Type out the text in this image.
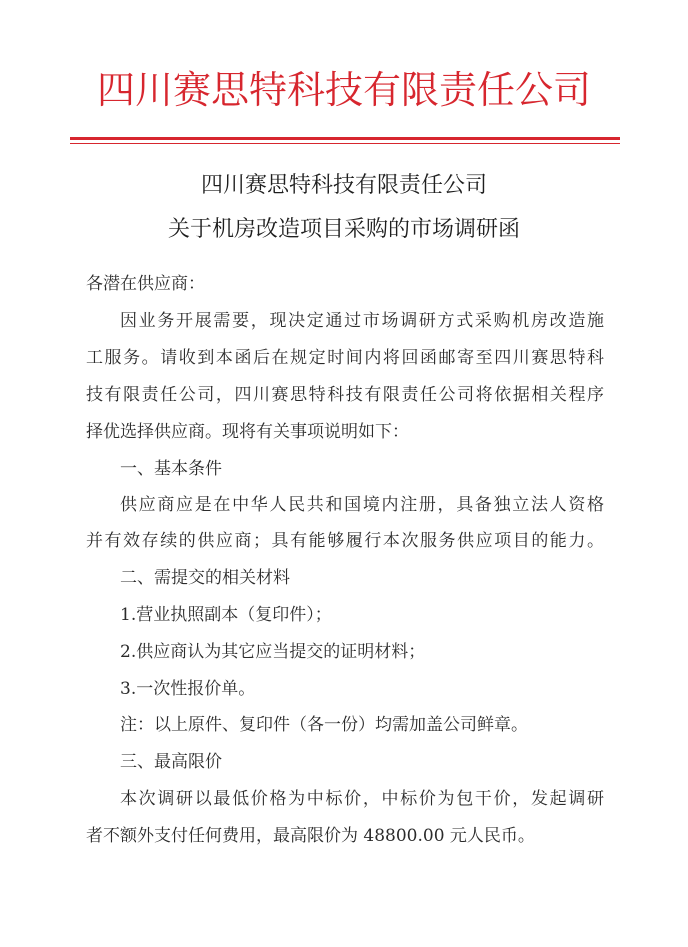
四川赛思特科技有限责任公司
四川赛思特科技有限责任公司
关于机房改造项目采购的市场调研函
各潜在供应商：
因业务开展需要，现决定通过市场调研方式采购机房改造施
工服务。请收到本函后在规定时间内将回函邮寄至四川赛思特科
技有限责任公司，四川赛思特科技有限责任公司将依据相关程序
择优选择供应商。现将有关事项说明如下：
一、基本条件
供应商应是在中华人民共和国境内注册，具备独立法人资格
并有效存续的供应商；具有能够履行本次服务供应项目的能力。
二、需提交的相关材料
1.营业执照副本（复印件）；
2.供应商认为其它应当提交的证明材料；
3.一次性报价单。
注：以上原件、复印件（各一份）均需加盖公司鲜章。
三、最高限价
本次调研以最低价格为中标价，中标价为包干价，发起调研
者不额外支付任何费用，最高限价为 48800.00 元人民币。
